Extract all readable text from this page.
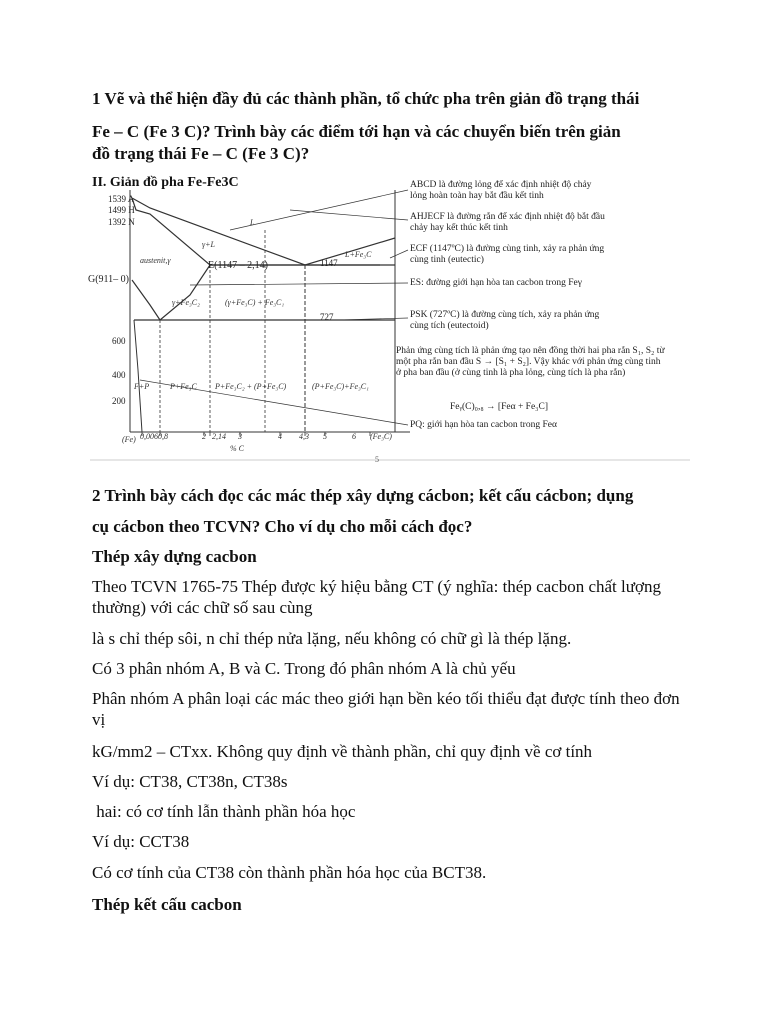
1 Vẽ và thể hiện đầy đủ các thành phần, tổ chức pha trên giản đồ trạng thái
Fe – C (Fe 3 C)? Trình bày các điểm tới hạn và các chuyển biến trên giản
đồ trạng thái Fe – C (Fe 3 C)?
II. Giản đồ pha Fe-Fe3C
1539 A
1499 H
1392 N
E(1147 – 2,14)
G(911– 0)
1147
727
600
400
200
L
L+Fe₃C
austenit,γ
γ+L
γ+Fe₃C₂	(γ+Fe₃C) + Fe₃C₁
F+P	P+Fe₃C P+Fe₃C₂ + (P+Fe₃C)	(P+Fe₃C)+Fe₃C₁
(Fe) 0,006 0,8	2 2,14 3	4 4,3 5	6 (Fe₃C)
% C
ABCD là đường lỏng để xác định nhiệt độ chảy lỏng hoàn toàn hay bắt đầu kết tinh
AHJECF là đường rắn để xác định nhiệt độ bắt đầu chảy hay kết thúc kết tinh
ECF (1147ºC) là đường cùng tinh, xảy ra phản ứng cùng tinh (eutectic)
ES: đường giới hạn hòa tan cacbon trong Feγ
PSK (727ºC) là đường cùng tích, xảy ra phản ứng cùng tích (eutectoid)
Phản ứng cùng tích là phản ứng tạo nên đồng thời hai pha rắn S₁, S₂ từ một pha rắn ban đầu S → [S₁ + S₂]. Vậy khác với phản ứng cùng tinh ở pha ban đầu (ở cùng tinh là pha lỏng, cùng tích là pha rắn)
Feᵧ(C)₀,₈ → [Feα + Fe₃C]
PQ: giới hạn hòa tan cacbon trong Feα
5
2 Trình bày cách đọc các mác thép xây dựng cácbon; kết cấu cácbon; dụng
cụ cácbon theo TCVN? Cho ví dụ cho mỗi cách đọc?
Thép xây dựng cacbon
Theo TCVN 1765-75 Thép được ký hiệu bằng CT (ý nghĩa: thép cacbon chất lượng thường) với các chữ số sau cùng
là s chỉ thép sôi, n chỉ thép nửa lặng, nếu không có chữ gì là thép lặng.
Có 3 phân nhóm A, B và C. Trong đó phân nhóm A là chủ yếu
Phân nhóm A phân loại các mác theo giới hạn bền kéo tối thiểu đạt được tính theo đơn vị
kG/mm2 – CTxx. Không quy định về thành phần, chỉ quy định về cơ tính
Ví dụ: CT38, CT38n, CT38s
hai: có cơ tính lẫn thành phần hóa học
Ví dụ: CCT38
Có cơ tính của CT38 còn thành phần hóa học của BCT38.
Thép kết cấu cacbon
